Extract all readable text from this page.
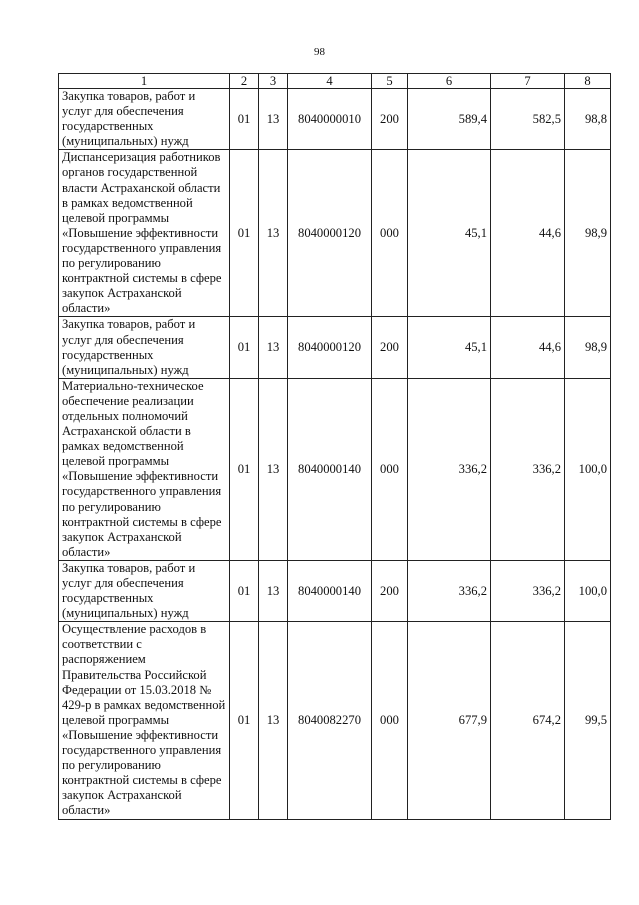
98
1	2	3	4	5	6	7	8
Закупка товаров, работ и услуг для обеспечения государственных (муниципальных) нужд	01	13	8040000010	200	589,4	582,5	98,8
Диспансеризация работников органов государственной власти Астраханской области в рамках ведомственной целевой программы «Повышение эффективности государственного управления по регулированию контрактной системы в сфере закупок Астраханской области»	01	13	8040000120	000	45,1	44,6	98,9
Закупка товаров, работ и услуг для обеспечения государственных (муниципальных) нужд	01	13	8040000120	200	45,1	44,6	98,9
Материально-техническое обеспечение реализации отдельных полномочий Астраханской области в рамках ведомственной целевой программы «Повышение эффективности государственного управления по регулированию контрактной системы в сфере закупок Астраханской области»	01	13	8040000140	000	336,2	336,2	100,0
Закупка товаров, работ и услуг для обеспечения государственных (муниципальных) нужд	01	13	8040000140	200	336,2	336,2	100,0
Осуществление расходов в соответствии с распоряжением Правительства Российской Федерации от 15.03.2018 № 429-р в рамках ведомственной целевой программы «Повышение эффективности государственного управления по регулированию контрактной системы в сфере закупок Астраханской области»	01	13	8040082270	000	677,9	674,2	99,5
